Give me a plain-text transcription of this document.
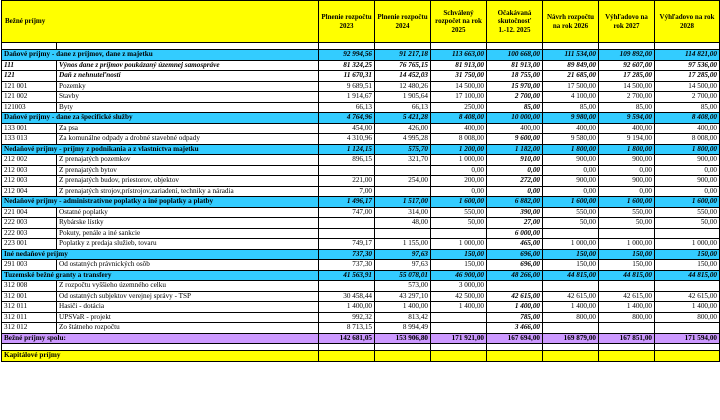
Bežné príjmy		Plnenie rozpočtu 2023	Plnenie rozpočtu 2024	Schválený rozpočet na rok 2025	Očakávaná skutočnosť 1.-12. 2025	Návrh rozpočtu na rok 2026	Výhľadovo na rok 2027	Výhľadovo na rok 2028

Daňové príjmy - dane z príjmov, dane z majetku		92 994,56	91 217,18	113 663,00	100 668,00	111 534,00	109 892,00	114 821,00
111	Výnos dane z príjmov poukázaný územnej samospráve	81 324,25	76 765,15	81 913,00	81 913,00	89 849,00	92 607,00	97 536,00
121	Daň z nehnuteľností	11 670,31	14 452,03	31 750,00	18 755,00	21 685,00	17 285,00	17 285,00
121 001	Pozemky	9 689,51	12 480,26	14 500,00	15 970,00	17 500,00	14 500,00	14 500,00
121 002	Stavby	1 914,67	1 905,64	17 100,00	2 700,00	4 100,00	2 700,00	2 700,00
121003	Byty	66,13	66,13	250,00	85,00	85,00	85,00	85,00
Daňové príjmy - dane za špecifické služby		4 764,96	5 421,28	8 408,00	10 000,00	9 980,00	9 594,00	8 408,00
133 001	Za psa	454,00	426,00	400,00	400,00	400,00	400,00	400,00
133 013	Za komunálne odpady a drobné stavebné odpady	4 310,96	4 995,28	8 008,00	9 600,00	9 580,00	9 194,00	8 008,00
Nedaňové príjmy - príjmy z podnikania a z vlastníctva majetku		1 124,15	575,70	1 200,00	1 182,00	1 800,00	1 800,00	1 800,00
212 002	Z prenajatých pozemkov	896,15	321,70	1 000,00	910,00	900,00	900,00	900,00
212 003	Z prenajatých bytov			0,00	0,00	0,00	0,00	0,00
212 003	Z prenajatých budov, priestorov, objektov	221,00	254,00	200,00	272,00	900,00	900,00	900,00
212 004	Z prenajatých strojov,prístrojov,zariadení, techniky a náradia	7,00		0,00	0,00	0,00	0,00	0,00
Nedaňové príjmy - administratívne poplatky a iné poplatky a platby		1 496,17	1 517,00	1 600,00	6 882,00	1 600,00	1 600,00	1 600,00
221 004	Ostatné poplatky	747,00	314,00	550,00	390,00	550,00	550,00	550,00
222 003	Rybárske lístky		48,00	50,00	27,00	50,00	50,00	50,00
222 003	Pokuty, penále a iné sankcie				6 000,00			
223 001	Poplatky z predaja služieb, tovaru	749,17	1 155,00	1 000,00	465,00	1 000,00	1 000,00	1 000,00
Iné nedaňové príjmy		737,30	97,63	150,00	696,00	150,00	150,00	150,00
291 003	Od ostatných právnických osôb	737,30	97,63	150,00	696,00	150,00	150,00	150,00
Tuzemské bežné granty a transfery		41 563,91	55 078,01	46 900,00	48 266,00	44 815,00	44 815,00	44 815,00
312 008	Z rozpočtu vyššieho územného celku		573,00	3 000,00				
312 001	Od ostatných subjektov verejnej správy - TSP	30 458,44	43 297,10	42 500,00	42 615,00	42 615,00	42 615,00	42 615,00
312 011	Hasiči - dotácia	1 400,00	1 400,00	1 400,00	1 400,00	1 400,00	1 400,00	1 400,00
312 011	UPSVaR - projekt	992,32	813,42		785,00	800,00	800,00	800,00
312 012	Zo štátneho rozpočtu	8 713,15	8 994,49		3 466,00			
Bežné príjmy spolu:		142 681,05	153 906,80	171 921,00	167 694,00	169 879,00	167 851,00	171 594,00

Kapitálové príjmy								
